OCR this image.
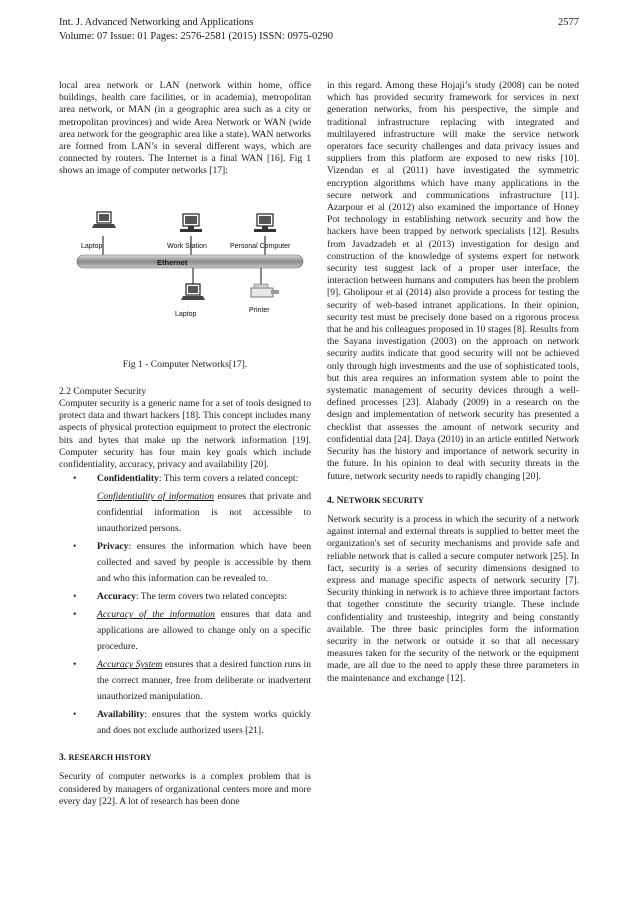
Int. J. Advanced Networking and Applications
Volume: 07 Issue: 01 Pages: 2576-2581 (2015) ISSN: 0975-0290
2577

local area network or LAN (network within home, office buildings, health care facilities, or in academia), metropolitan area network, or MAN (in a geographic area such as a city or metropolitan provinces) and wide Area Network or WAN (wide area network for the geographic area like a state). WAN networks are formed from LAN’s in several different ways, which are connected by routers. The Internet is a final WAN [16]. Fig 1 shows an image of computer networks [17]:

Laptop	Work Station	Personal Computer
Ethernet
Laptop
Printer
Fig 1 - Computer Networks[17].

2.2 Computer Security

Computer security is a generic name for a set of tools designed to protect data and thwart hackers [18]. This concept includes many aspects of physical protection equipment to protect the electronic bits and bytes that make up the network information [19]. Computer security has four main key goals which include confidentiality, accuracy, privacy and availability [20].

• Confidentiality: This term covers a related concept:
Confidentiality of information ensures that private and confidential information is not accessible to unauthorized persons.
• Privacy: ensures the information which have been collected and saved by people is accessible by them and who this information can be revealed to.
• Accuracy: The term covers two related concepts:
• Accuracy of the information ensures that data and applications are allowed to change only on a specific procedure.
• Accuracy System ensures that a desired function runs in the correct manner, free from deliberate or inadvertent unauthorized manipulation.
• Availability: ensures that the system works quickly and does not exclude authorized users [21].

3. RESEARCH HISTORY

Security of computer networks is a complex problem that is considered by managers of organizational centers more and more every day [22]. A lot of research has been done

in this regard. Among these Hojaji’s study (2008) can be noted which has provided security framework for services in next generation networks, from his perspective, the simple and traditional infrastructure replacing with integrated and multilayered infrastructure will make the service network operators face security challenges and data privacy issues and suppliers from this platform are exposed to new risks [10]. Vizendan et al (2011) have investigated the symmetric encryption algorithms which have many applications in the secure network and communications infrastructure [11]. Azarpour et al (2012) also examined the importance of Honey Pot technology in establishing network security and how the hackers have been trapped by network specialists [12]. Results from Javadzadeh et al (2013) investigation for design and construction of the knowledge of systems expert for network security test suggest lack of a proper user interface, the interaction between humans and computers has been the problem [9]. Gholipour et al (2014) also provide a process for testing the security of web-based intranet applications. In their opinion, security test must be precisely done based on a rigorous process that he and his colleagues proposed in 10 stages [8]. Results from the Sayana investigation (2003) on the approach on network security audits indicate that good security will not be achieved only through high investments and the use of sophisticated tools, but this area requires an information system able to point the systematic management of security devices through a well-defined processes [23]. Alabady (2009) in a research on the design and implementation of network security has presented a checklist that assesses the amount of network security and confidential data [24]. Daya (2010) in an article entitled Network Security has the history and importance of network security in the future. In his opinion to deal with security threats in the future, network security needs to rapidly changing [20].

4. NETWORK SECURITY

Network security is a process in which the security of a network against internal and external threats is supplied to better meet the organization's set of security mechanisms and provide safe and reliable network that is called a secure computer network [25]. In fact, security is a series of security dimensions designed to express and manage specific aspects of network security [7]. Security thinking in network is to achieve three important factors that together constitute the security triangle. These include confidentiality and trusteeship, integrity and being constantly available. The three basic principles form the information security in the network or outside it so that all necessary measures taken for the security of the network or the equipment made, are all due to the need to apply these three parameters in the maintenance and exchange [12].
